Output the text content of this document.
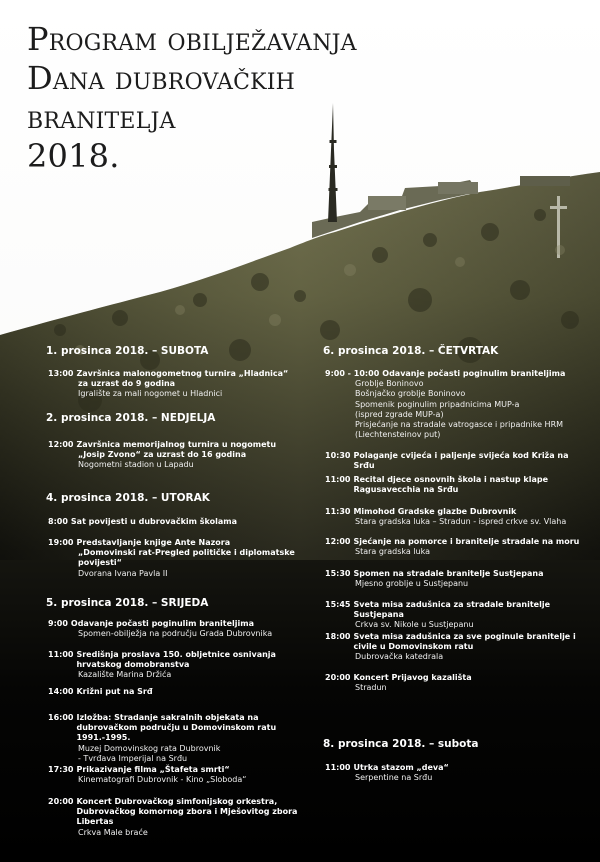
Program obilježavanja
Dana dubrovačkih
branitelja
2018.
1. prosinca 2018. – SUBOTA
13:00 Završnica malonogometnog turnira „Hladnica“
za uzrast do 9 godina
Igralište za mali nogomet u Hladnici
2. prosinca 2018. – NEDJELJA
12:00 Završnica memorijalnog turnira u nogometu
„Josip Zvono“ za uzrast do 16 godina
Nogometni stadion u Lapadu
4. prosinca 2018. – UTORAK
8:00 Sat povijesti u dubrovačkim školama
19:00 Predstavljanje knjige Ante Nazora
„Domovinski rat-Pregled političke i diplomatske povijesti“
Dvorana Ivana Pavla II
5. prosinca 2018. – SRIJEDA
9:00 Odavanje počasti poginulim braniteljima
Spomen-obilježja na području Grada Dubrovnika
11:00 Središnja proslava 150. obljetnice osnivanja hrvatskog domobranstva
Kazalište Marina Držića
14:00 Križni put na Srđ
16:00 Izložba: Stradanje sakralnih objekata na dubrovačkom području u Domovinskom ratu 1991.-1995.
Muzej Domovinskog rata Dubrovnik
- Tvrđava Imperijal na Srđu
17:30 Prikazivanje filma „Štafeta smrti“
Kinematografi Dubrovnik - Kino „Sloboda“
20:00 Koncert Dubrovačkog simfonijskog orkestra, Dubrovačkog komornog zbora i Mješovitog zbora Libertas
Crkva Male braće
6. prosinca 2018. – ČETVRTAK
9:00 - 10:00 Odavanje počasti poginulim braniteljima
Groblje Boninovo
Bošnjačko groblje Boninovo
Spomenik poginulim pripadnicima MUP-a
(ispred zgrade MUP-a)
Prisjećanje na stradale vatrogasce i pripadnike HRM
(Liechtensteinov put)
10:30 Polaganje cvijeća i paljenje svijeća kod Križa na Srđu
11:00 Recital djece osnovnih škola i nastup klape Ragusavecchia na Srđu
11:30 Mimohod Gradske glazbe Dubrovnik
Stara gradska luka – Stradun - ispred crkve sv. Vlaha
12:00 Sjećanje na pomorce i branitelje stradale na moru
Stara gradska luka
15:30 Spomen na stradale branitelje Sustjepana
Mjesno groblje u Sustjepanu
15:45 Sveta misa zadušnica za stradale branitelje Sustjepana
Crkva sv. Nikole u Sustjepanu
18:00 Sveta misa zadušnica za sve poginule branitelje i civile u Domovinskom ratu
Dubrovačka katedrala
20:00 Koncert Prijavog kazališta
Stradun
8. prosinca 2018. – subota
11:00 Utrka stazom „deva“
Serpentine na Srđu
